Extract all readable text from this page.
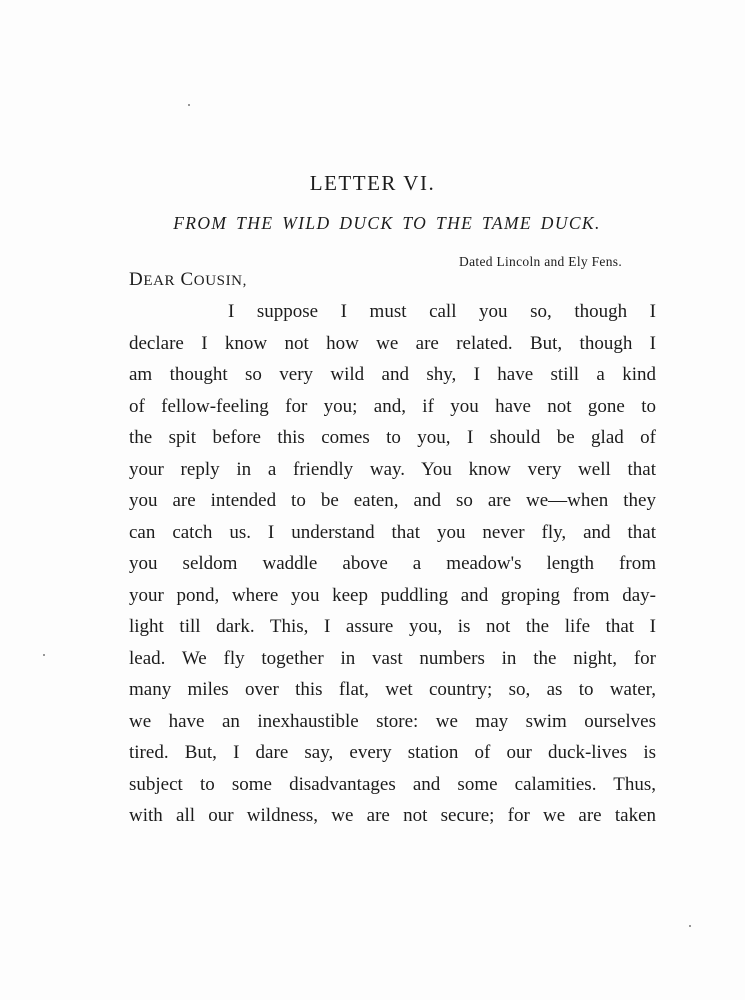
LETTER VI.
FROM THE WILD DUCK TO THE TAME DUCK.
Dated Lincoln and Ely Fens.
DEAR COUSIN,
I suppose I must call you so, though I
declare I know not how we are related. But, though I
am thought so very wild and shy, I have still a kind
of fellow-feeling for you; and, if you have not gone to
the spit before this comes to you, I should be glad of
your reply in a friendly way. You know very well that
you are intended to be eaten, and so are we—when they
can catch us. I understand that you never fly, and that
you seldom waddle above a meadow's length from
your pond, where you keep puddling and groping from day-
light till dark. This, I assure you, is not the life that I
lead. We fly together in vast numbers in the night, for
many miles over this flat, wet country; so, as to water,
we have an inexhaustible store: we may swim ourselves
tired. But, I dare say, every station of our duck-lives is
subject to some disadvantages and some calamities. Thus,
with all our wildness, we are not secure; for we are taken
